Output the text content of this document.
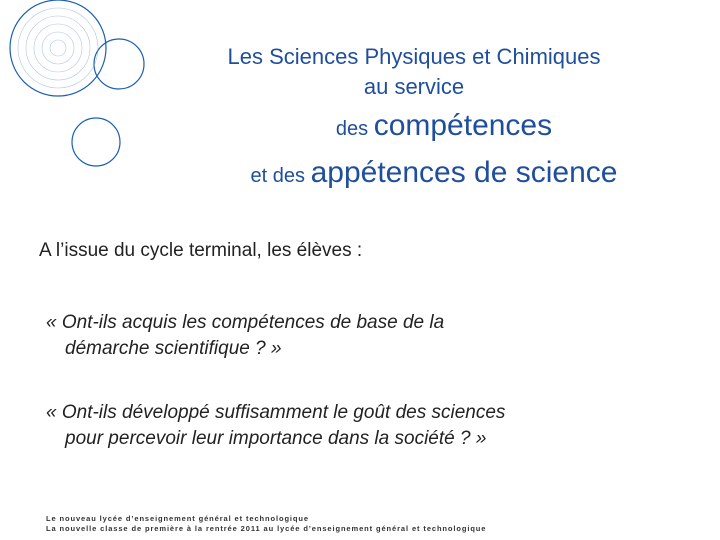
Les Sciences Physiques et Chimiques
au service
des compétences
et des appétences de science
A l’issue du cycle terminal, les élèves :
« Ont-ils acquis les compétences de base de la
démarche scientifique ? »
« Ont-ils développé suffisamment le goût des sciences
pour percevoir leur importance dans la société ? »
Le nouveau lycée d’enseignement général et technologique
La nouvelle classe de première à la rentrée 2011 au lycée d’enseignement général et technologique
